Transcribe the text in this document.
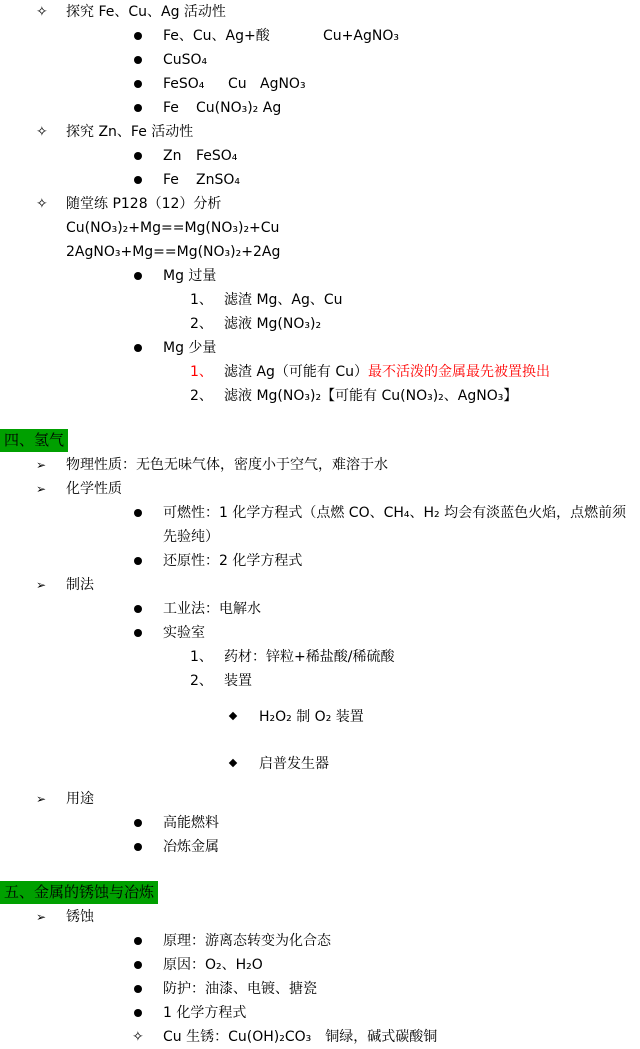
✧ 探究 Fe、Cu、Ag 活动性
Fe、Cu、Ag+酸	Cu+AgNO₃
CuSO₄
FeSO₄ Cu AgNO₃
Fe Cu(NO₃)₂ Ag
✧ 探究 Zn、Fe 活动性
Zn FeSO₄
Fe ZnSO₄
✧ 随堂练 P128（12）分析
Cu(NO₃)₂+Mg==Mg(NO₃)₂+Cu
2AgNO₃+Mg==Mg(NO₃)₂+2Ag
Mg 过量
1、 滤渣 Mg、Ag、Cu
2、 滤液 Mg(NO₃)₂
Mg 少量
1、 滤渣 Ag（可能有 Cu）最不活泼的金属最先被置换出
2、 滤液 Mg(NO₃)₂【可能有 Cu(NO₃)₂、AgNO₃】
四、氢气
➢ 物理性质：无色无味气体，密度小于空气，难溶于水
➢ 化学性质
可燃性：1 化学方程式（点燃 CO、CH₄、H₂ 均会有淡蓝色火焰，点燃前须先验纯）
还原性：2 化学方程式
➢ 制法
工业法：电解水
实验室
1、 药材：锌粒+稀盐酸/稀硫酸
2、 装置
H₂O₂ 制 O₂ 装置
启普发生器
➢ 用途
高能燃料
冶炼金属
五、金属的锈蚀与冶炼
➢ 锈蚀
原理：游离态转变为化合态
原因：O₂、H₂O
防护：油漆、电镀、搪瓷
1 化学方程式
✧ Cu 生锈：Cu(OH)₂CO₃　铜绿，碱式碳酸铜
